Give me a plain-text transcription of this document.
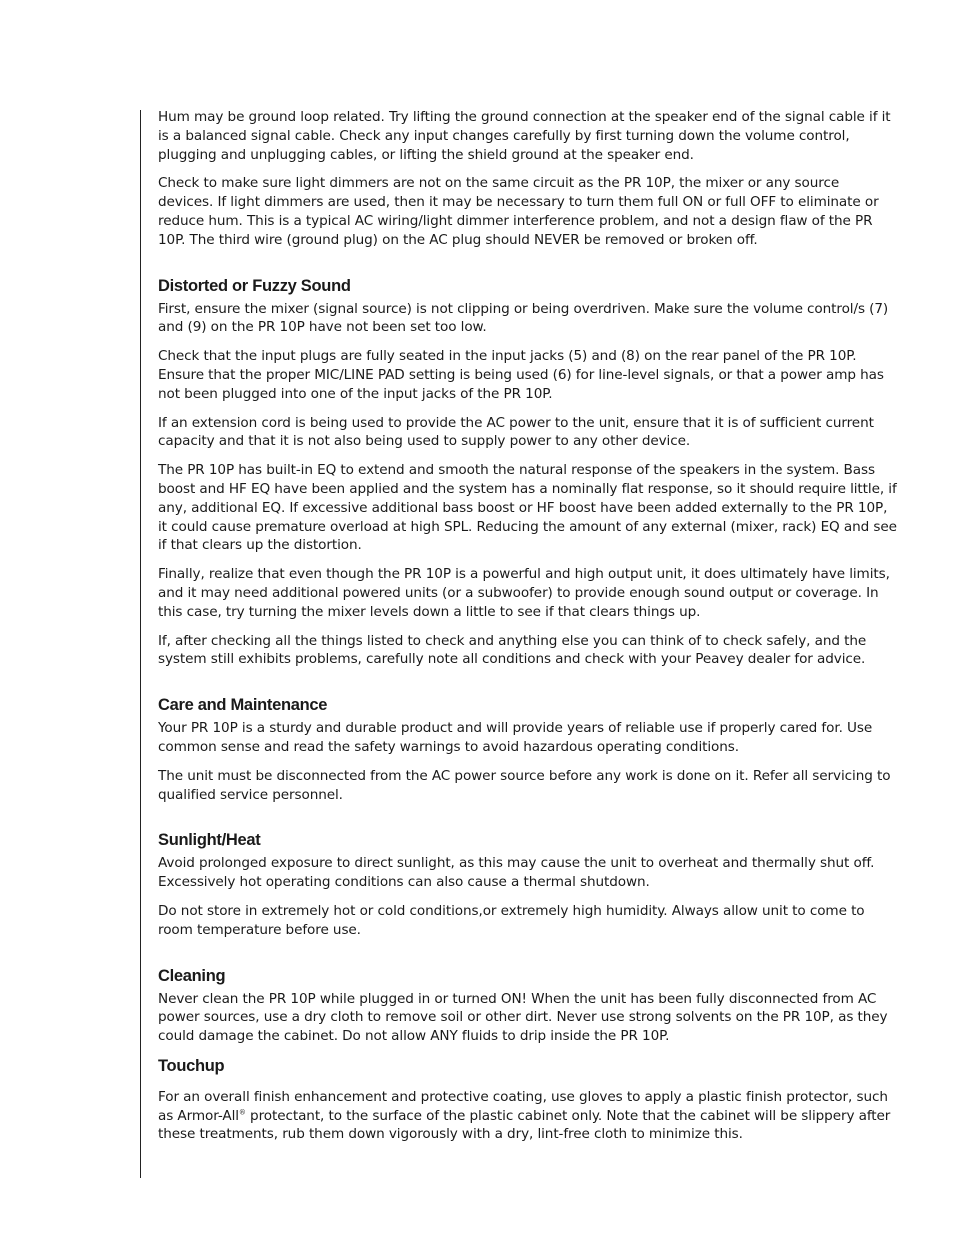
Hum may be ground loop related. Try lifting the ground connection at the speaker end of the signal cable if it is a balanced signal cable. Check any input changes carefully by first turning down the volume control, plugging and unplugging cables, or lifting the shield ground at the speaker end.

Check to make sure light dimmers are not on the same circuit as the PR 10P, the mixer or any source devices. If light dimmers are used, then it may be necessary to turn them full ON or full OFF to eliminate or reduce hum. This is a typical AC wiring/light dimmer interference problem, and not a design flaw of the PR 10P. The third wire (ground plug) on the AC plug should NEVER be removed or broken off.

Distorted or Fuzzy Sound

First, ensure the mixer (signal source) is not clipping or being overdriven. Make sure the volume control/s (7) and (9) on the PR 10P have not been set too low.

Check that the input plugs are fully seated in the input jacks (5) and (8) on the rear panel of the PR 10P. Ensure that the proper MIC/LINE PAD setting is being used (6) for line-level signals, or that a power amp has not been plugged into one of the input jacks of the PR 10P.

If an extension cord is being used to provide the AC power to the unit, ensure that it is of sufficient current capacity and that it is not also being used to supply power to any other device.

The PR 10P has built-in EQ to extend and smooth the natural response of the speakers in the system. Bass boost and HF EQ have been applied and the system has a nominally flat response, so it should require little, if any, additional EQ. If excessive additional bass boost or HF boost have been added externally to the PR 10P, it could cause premature overload at high SPL. Reducing the amount of any external (mixer, rack) EQ and see if that clears up the distortion.

Finally, realize that even though the PR 10P is a powerful and high output unit, it does ultimately have limits, and it may need additional powered units (or a subwoofer) to provide enough sound output or coverage. In this case, try turning the mixer levels down a little to see if that clears things up.

If, after checking all the things listed to check and anything else you can think of to check safely, and the system still exhibits problems, carefully note all conditions and check with your Peavey dealer for advice.

Care and Maintenance

Your PR 10P is a sturdy and durable product and will provide years of reliable use if properly cared for. Use common sense and read the safety warnings to avoid hazardous operating conditions.

The unit must be disconnected from the AC power source before any work is done on it. Refer all servicing to qualified service personnel.

Sunlight/Heat

Avoid prolonged exposure to direct sunlight, as this may cause the unit to overheat and thermally shut off. Excessively hot operating conditions can also cause a thermal shutdown.

Do not store in extremely hot or cold conditions,or extremely high humidity. Always allow unit to come to room temperature before use.

Cleaning

Never clean the PR 10P while plugged in or turned ON! When the unit has been fully disconnected from AC power sources, use a dry cloth to remove soil or other dirt. Never use strong solvents on the PR 10P, as they could damage the cabinet. Do not allow ANY fluids to drip inside the PR 10P.

Touchup

For an overall finish enhancement and protective coating, use gloves to apply a plastic finish protector, such as Armor-All® protectant, to the surface of the plastic cabinet only. Note that the cabinet will be slippery after these treatments, rub them down vigorously with a dry, lint-free cloth to minimize this.
